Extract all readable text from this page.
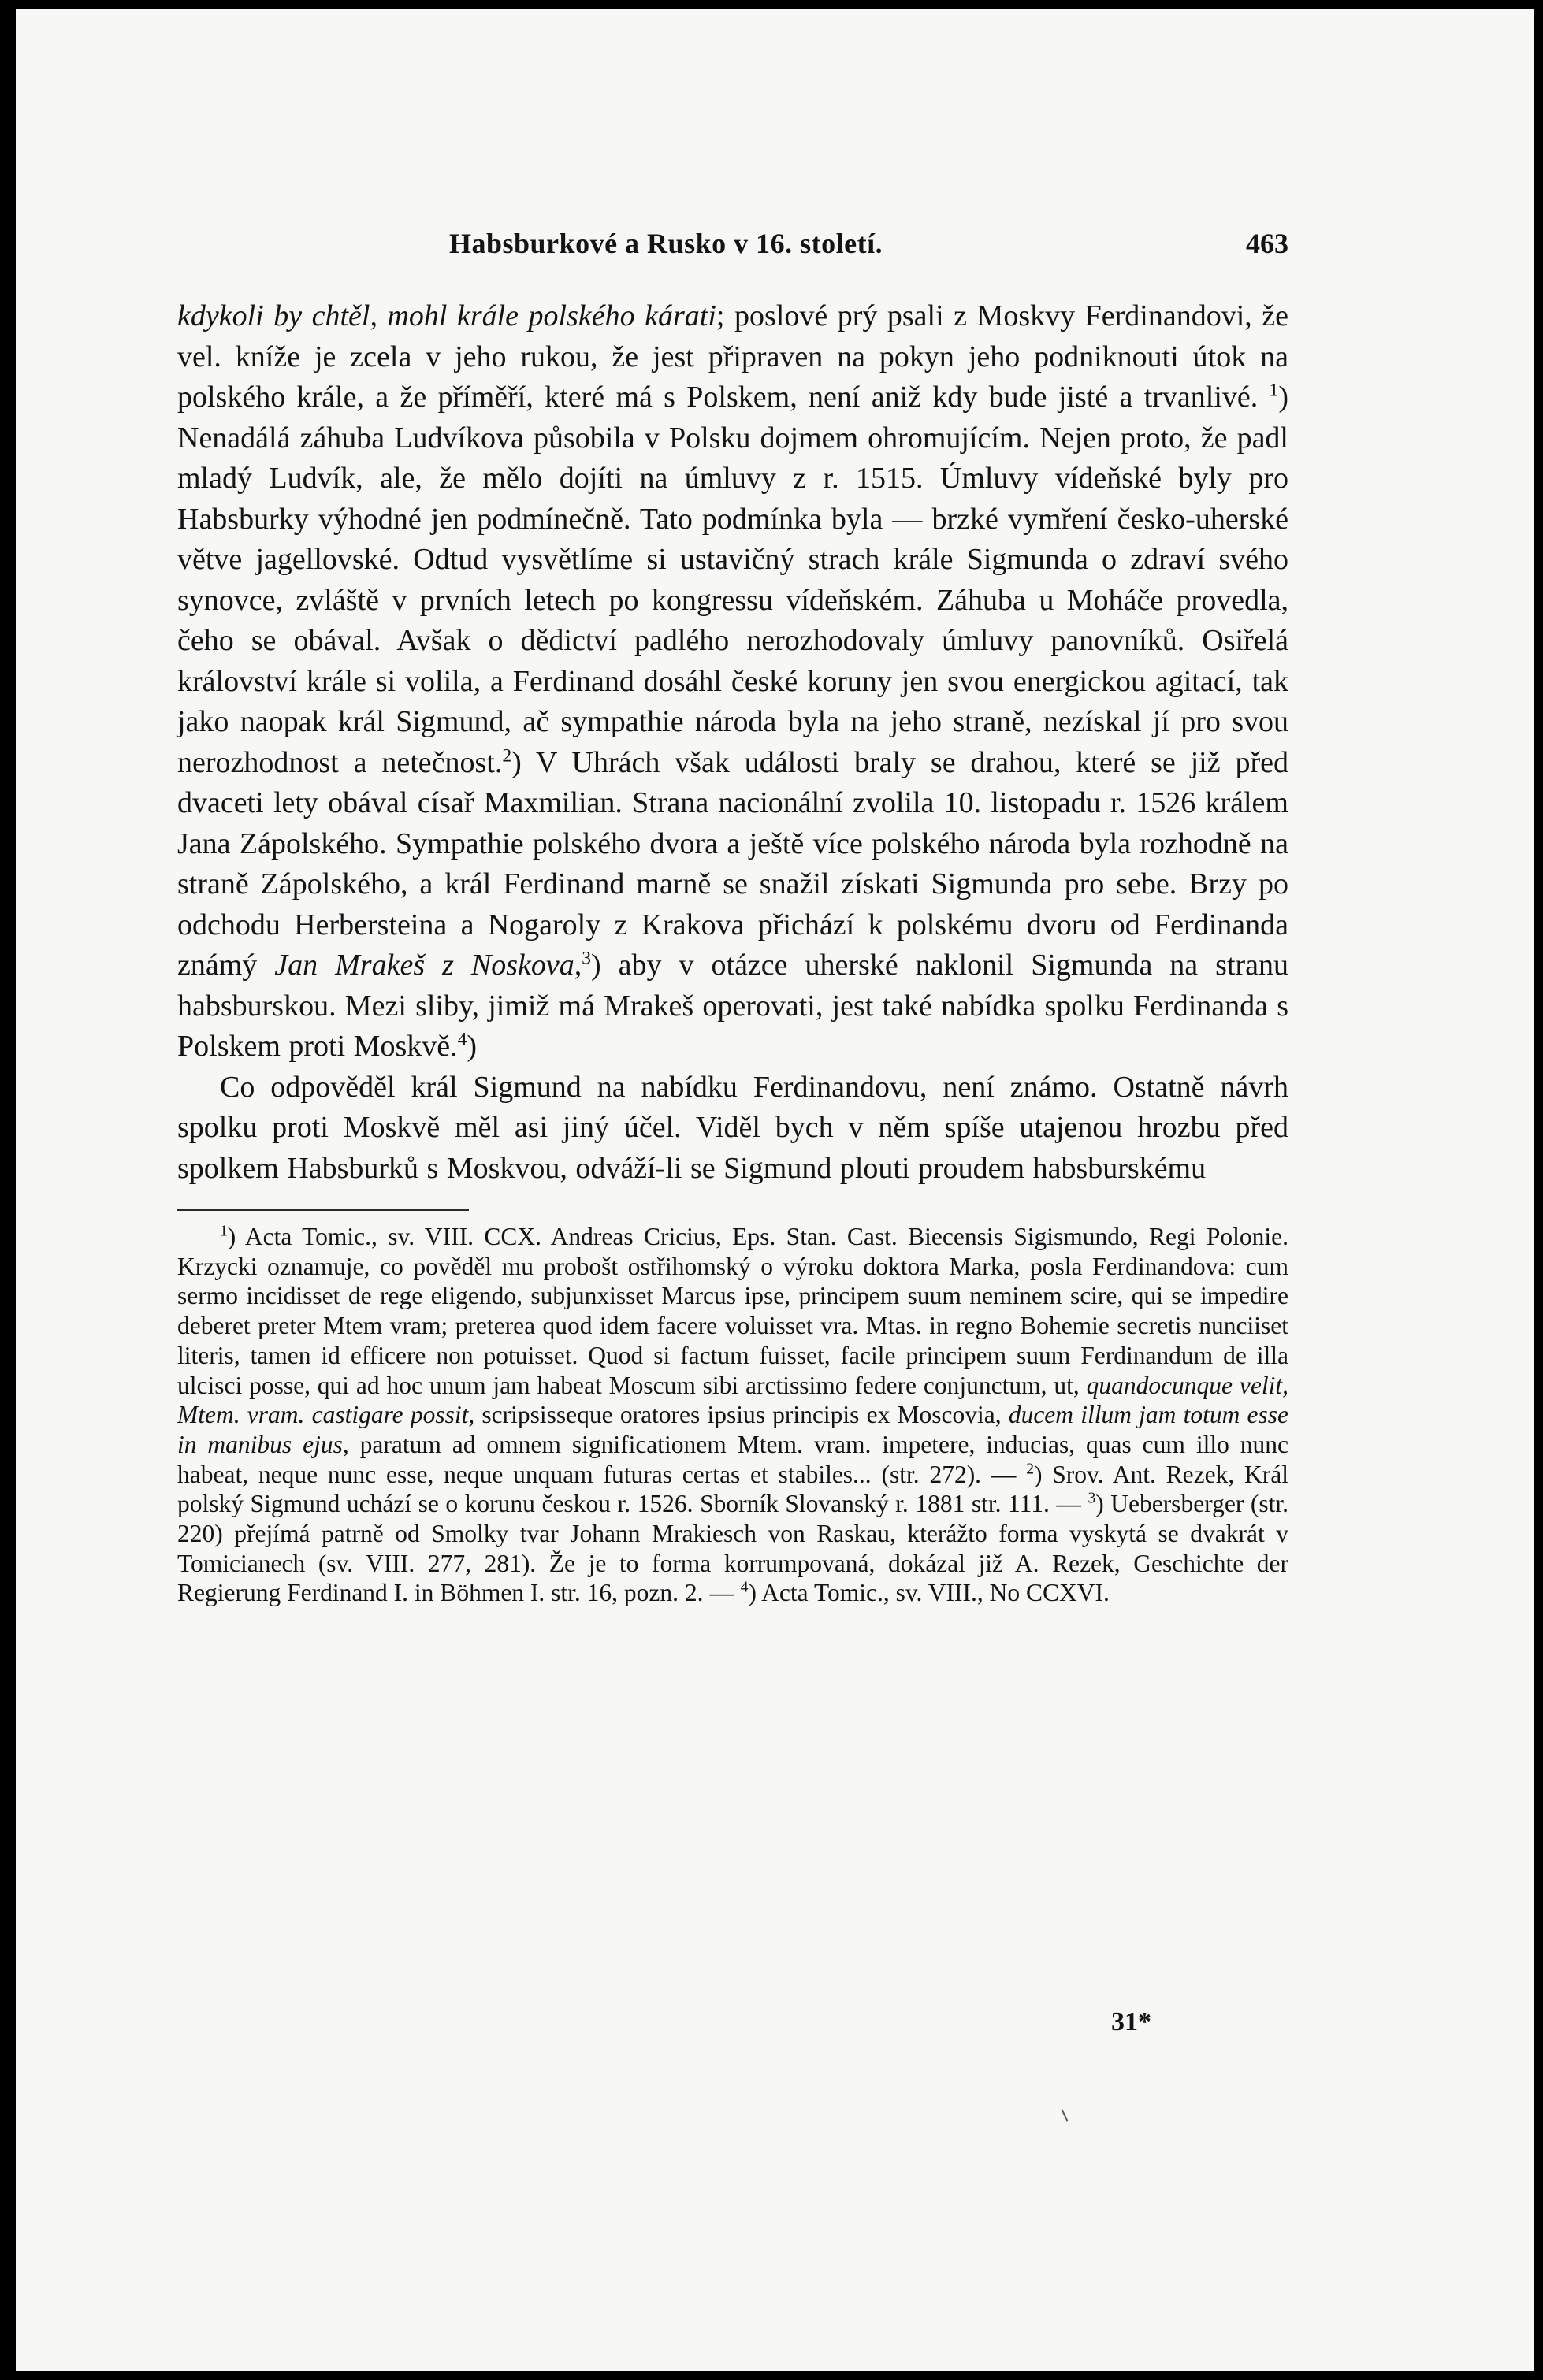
Habsburkové a Rusko v 16. století.	463

kdykoli by chtěl, mohl krále polského kárati; poslové prý psali z Moskvy Ferdinandovi, že vel. kníže je zcela v jeho rukou, že jest připraven na pokyn jeho podniknouti útok na polského krále, a že příměří, které má s Polskem, není aniž kdy bude jisté a trvanlivé. $^1$) Nenadálá záhuba Ludvíkova působila v Polsku dojmem ohromujícím. Nejen proto, že padl mladý Ludvík, ale, že mělo dojíti na úmluvy z r. 1515. Úmluvy vídeňské byly pro Habsburky výhodné jen podmínečně. Tato podmínka byla — brzké vymření česko-uherské větve jagellovské. Odtud vysvětlíme si ustavičný strach krále Sigmunda o zdraví svého synovce, zvláště v prvních letech po kongressu vídeňském. Záhuba u Moháče provedla, čeho se obával. Avšak o dědictví padlého nerozhodovaly úmluvy panovníků. Osiřelá království krále si volila, a Ferdinand dosáhl české koruny jen svou energickou agitací, tak jako naopak král Sigmund, ač sympathie národa byla na jeho straně, nezískal jí pro svou nerozhodnost a netečnost.$^2$) V Uhrách však události braly se drahou, které se již před dvaceti lety obával císař Maxmilian. Strana nacionální zvolila 10. listopadu r. 1526 králem Jana Zápolského. Sympathie polského dvora a ještě více polského národa byla rozhodně na straně Zápolského, a král Ferdinand marně se snažil získati Sigmunda pro sebe. Brzy po odchodu Herbersteina a Nogaroly z Krakova přichází k polskému dvoru od Ferdinanda známý Jan Mrakeš z Noskova,$^3$) aby v otázce uherské naklonil Sigmunda na stranu habsburskou. Mezi sliby, jimiž má Mrakeš operovati, jest také nabídka spolku Ferdinanda s Polskem proti Moskvě.$^4$)

Co odpověděl král Sigmund na nabídku Ferdinandovu, není známo. Ostatně návrh spolku proti Moskvě měl asi jiný účel. Viděl bych v něm spíše utajenou hrozbu před spolkem Habsburků s Moskvou, odváží-li se Sigmund plouti proudem habsburskému

$^1$) Acta Tomic., sv. VIII. CCX. Andreas Cricius, Eps. Stan. Cast. Biecensis Sigismundo, Regi Polonie. Krzycki oznamuje, co pověděl mu probošt ostřihomský o výroku doktora Marka, posla Ferdinandova: cum sermo incidisset de rege eligendo, subjunxisset Marcus ipse, principem suum neminem scire, qui se impedire deberet preter Mtem vram; preterea quod idem facere voluisset vra. Mtas. in regno Bohemie secretis nunciiset literis, tamen id efficere non potuisset. Quod si factum fuisset, facile principem suum Ferdinandum de illa ulcisci posse, qui ad hoc unum jam habeat Moscum sibi arctissimo federe conjunctum, ut, quandocunque velit, Mtem. vram. castigare possit, scripsisseque oratores ipsius principis ex Moscovia, ducem illum jam totum esse in manibus ejus, paratum ad omnem significationem Mtem. vram. impetere, inducias, quas cum illo nunc habeat, neque nunc esse, neque unquam futuras certas et stabiles... (str. 272). — $^2$) Srov. Ant. Rezek, Král polský Sigmund uchází se o korunu českou r. 1526. Sborník Slovanský r. 1881 str. 111. — $^3$) Uebersberger (str. 220) přejímá patrně od Smolky tvar Johann Mrakiesch von Raskau, kterážto forma vyskytá se dvakrát v Tomicianech (sv. VIII. 277, 281). Že je to forma korrumpovaná, dokázal již A. Rezek, Geschichte der Regierung Ferdinand I. in Böhmen I. str. 16, pozn. 2. — $^4$) Acta Tomic., sv. VIII., No CCXVI.
31*
